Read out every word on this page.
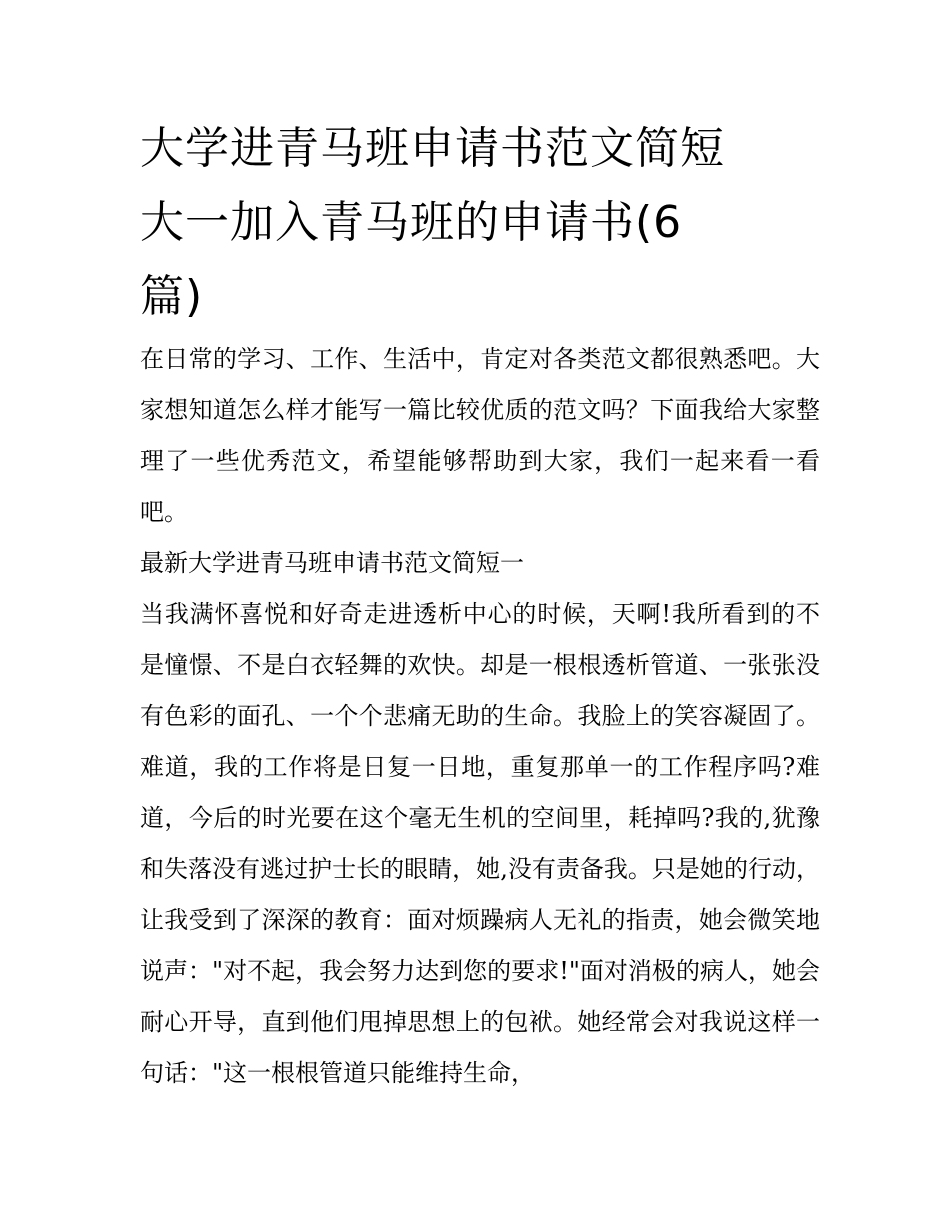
大学进青马班申请书范文简短
大一加入青马班的申请书(6
篇)

在日常的学习、工作、生活中，肯定对各类范文都很熟悉吧。大家想知道怎么样才能写一篇比较优质的范文吗？下面我给大家整理了一些优秀范文，希望能够帮助到大家，我们一起来看一看吧。

最新大学进青马班申请书范文简短一

当我满怀喜悦和好奇走进透析中心的时候，天啊!我所看到的不是憧憬、不是白衣轻舞的欢快。却是一根根透析管道、一张张没有色彩的面孔、一个个悲痛无助的生命。我脸上的笑容凝固了。难道，我的工作将是日复一日地，重复那单一的工作程序吗?难道，今后的时光要在这个毫无生机的空间里，耗掉吗?我的,犹豫和失落没有逃过护士长的眼睛，她,没有责备我。只是她的行动，让我受到了深深的教育：面对烦躁病人无礼的指责，她会微笑地说声："对不起，我会努力达到您的要求!"面对消极的病人，她会耐心开导，直到他们甩掉思想上的包袱。她经常会对我说这样一句话："这一根根管道只能维持生命，
